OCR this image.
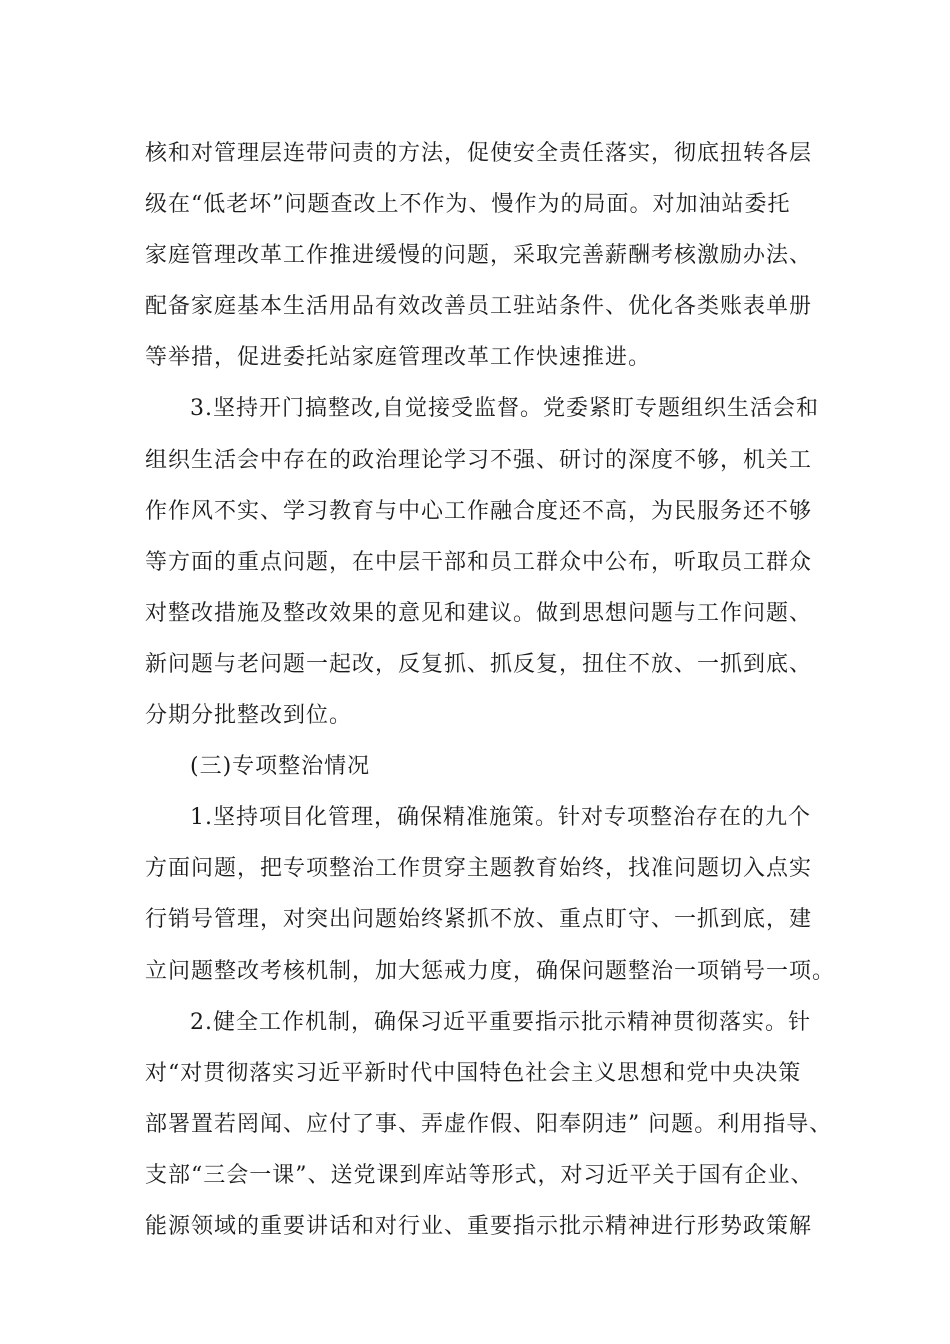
核和对管理层连带问责的方法，促使安全责任落实，彻底扭转各层
级在“低老坏”问题查改上不作为、慢作为的局面。对加油站委托
家庭管理改革工作推进缓慢的问题，采取完善薪酬考核激励办法、
配备家庭基本生活用品有效改善员工驻站条件、优化各类账表单册
等举措，促进委托站家庭管理改革工作快速推进。
3.坚持开门搞整改,自觉接受监督。党委紧盯专题组织生活会和
组织生活会中存在的政治理论学习不强、研讨的深度不够，机关工
作作风不实、学习教育与中心工作融合度还不高，为民服务还不够
等方面的重点问题，在中层干部和员工群众中公布，听取员工群众
对整改措施及整改效果的意见和建议。做到思想问题与工作问题、
新问题与老问题一起改，反复抓、抓反复，扭住不放、一抓到底、
分期分批整改到位。
(三)专项整治情况
1.坚持项目化管理，确保精准施策。针对专项整治存在的九个
方面问题，把专项整治工作贯穿主题教育始终，找准问题切入点实
行销号管理，对突出问题始终紧抓不放、重点盯守、一抓到底，建
立问题整改考核机制，加大惩戒力度，确保问题整治一项销号一项。
2.健全工作机制，确保习近平重要指示批示精神贯彻落实。针
对“对贯彻落实习近平新时代中国特色社会主义思想和党中央决策
部署置若罔闻、应付了事、弄虚作假、阳奉阴违” 问题。利用指导、
支部“三会一课”、送党课到库站等形式，对习近平关于国有企业、
能源领域的重要讲话和对行业、重要指示批示精神进行形势政策解
